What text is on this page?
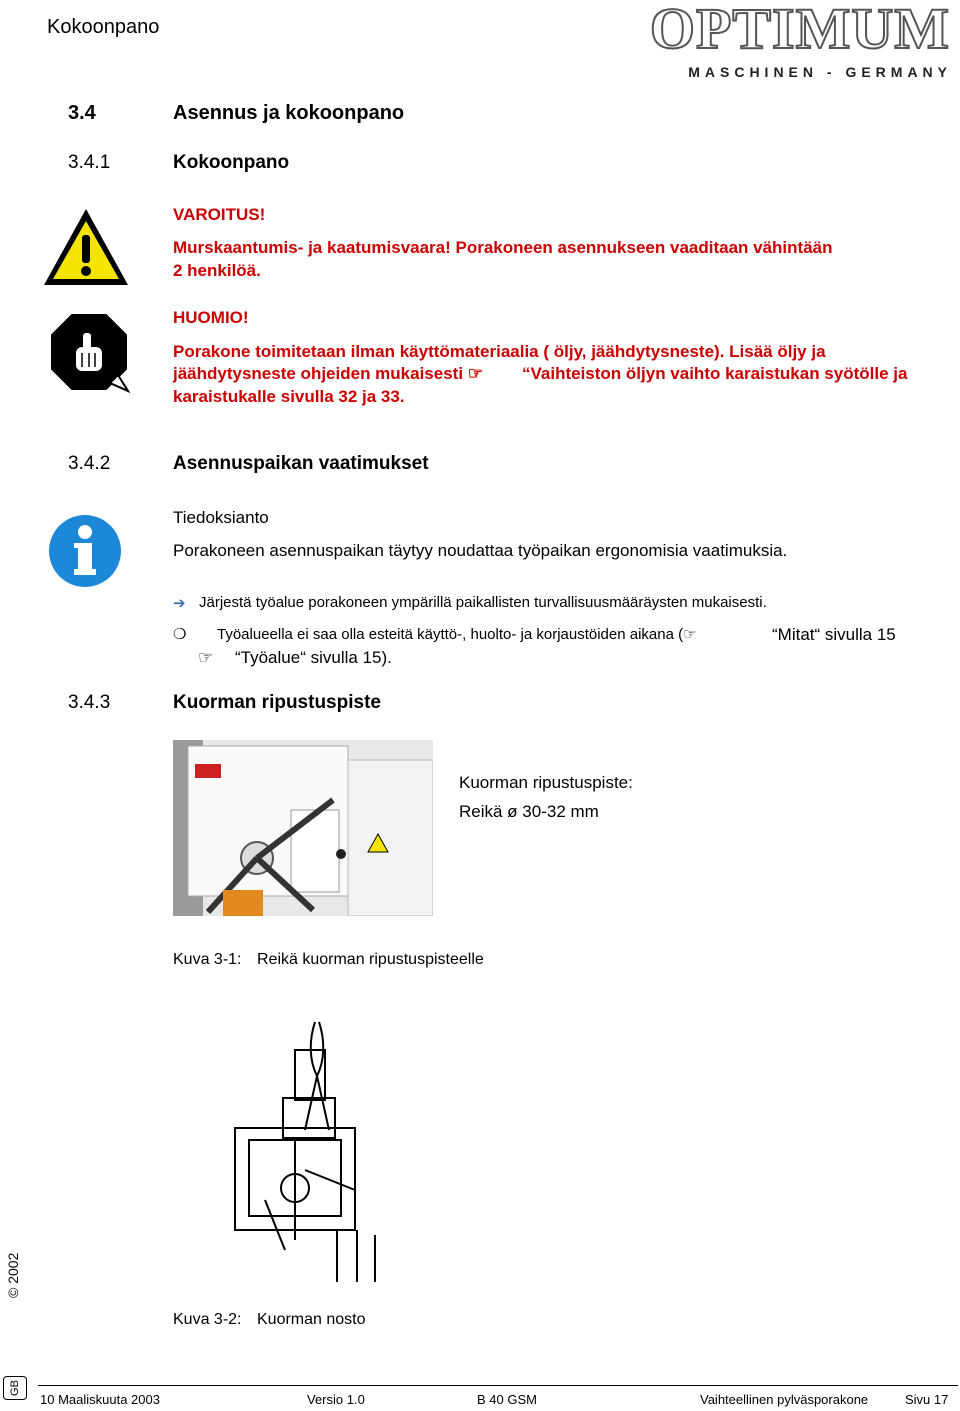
Kokoonpano	OPTIMUM
MASCHINEN - GERMANY
3.4	Asennus ja kokoonpano
3.4.1	Kokoonpano
VAROITUS!
Murskaantumis- ja kaatumisvaara! Porakoneen asennukseen vaaditaan vähintään
2 henkilöä.
HUOMIO!
Porakone toimitetaan ilman käyttömateriaalia ( öljy, jäähdytysneste). Lisää öljy ja
jäähdytysneste ohjeiden mukaisesti ☞ “Vaihteiston öljyn vaihto karaistukan syötölle ja
karaistukalle sivulla 32 ja 33.
3.4.2	Asennuspaikan vaatimukset
Tiedoksianto
Porakoneen asennuspaikan täytyy noudattaa työpaikan ergonomisia vaatimuksia.
➔ Järjestä työalue porakoneen ympärillä paikallisten turvallisuusmääräysten mukaisesti.
❍ Työalueella ei saa olla esteitä käyttö-, huolto- ja korjaustöiden aikana (☞	“Mitat“ sivulla 15
☞ “Työalue“ sivulla 15).
3.4.3	Kuorman ripustuspiste
Kuorman ripustuspiste:
Reikä ø 30-32 mm
Kuva 3-1: Reikä kuorman ripustuspisteelle
Kuva 3-2: Kuorman nosto
© 2002
GB
10 Maaliskuuta 2003	Versio 1.0	B 40 GSM	Vaihteellinen pylväsporakone	Sivu 17
